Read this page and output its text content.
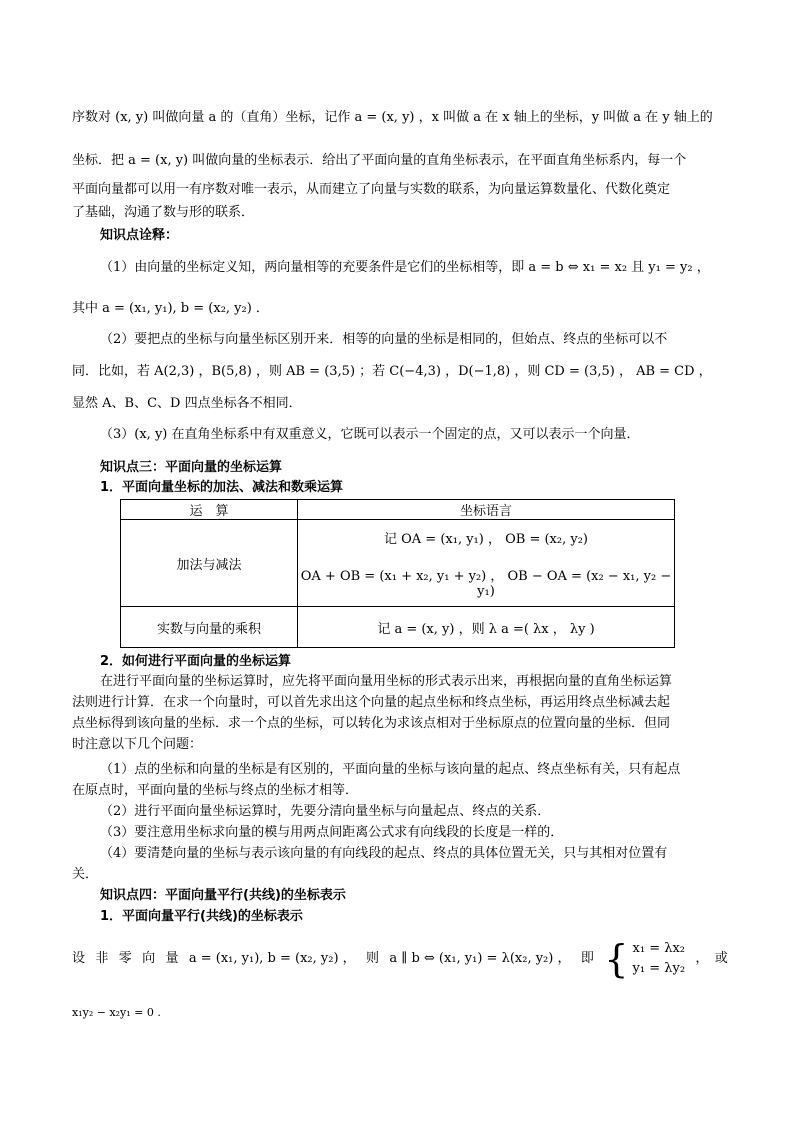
序数对 (x, y) 叫做向量 a 的（直角）坐标，记作 a = (x, y) ，x 叫做 a 在 x 轴上的坐标，y 叫做 a 在 y 轴上的
坐标．把 a = (x, y) 叫做向量的坐标表示．给出了平面向量的直角坐标表示，在平面直角坐标系内，每一个
平面向量都可以用一有序数对唯一表示，从而建立了向量与实数的联系，为向量运算数量化、代数化奠定
了基础，沟通了数与形的联系．
知识点诠释：
（1）由向量的坐标定义知，两向量相等的充要条件是它们的坐标相等，即 a = b ⇔ x₁ = x₂ 且 y₁ = y₂ ，
其中 a = (x₁, y₁), b = (x₂, y₂) ．
（2）要把点的坐标与向量坐标区别开来．相等的向量的坐标是相同的，但始点、终点的坐标可以不
同．比如，若 A(2,3) ，B(5,8) ，则 AB = (3,5) ；若 C(−4,3) ，D(−1,8) ，则 CD = (3,5) ， AB = CD ，
显然 A、B、C、D 四点坐标各不相同．
（3）(x, y) 在直角坐标系中有双重意义，它既可以表示一个固定的点，又可以表示一个向量．
知识点三：平面向量的坐标运算
1．平面向量坐标的加法、减法和数乘运算
运　算	坐标语言
加法与减法	记 OA = (x₁, y₁) ， OB = (x₂, y₂)
OA + OB = (x₁ + x₂, y₁ + y₂) ， OB − OA = (x₂ − x₁, y₂ − y₁)

实数与向量的乘积	记 a = (x, y) ，则 λ a =( λx ， λy )
2．如何进行平面向量的坐标运算
在进行平面向量的坐标运算时，应先将平面向量用坐标的形式表示出来，再根据向量的直角坐标运算
法则进行计算．在求一个向量时，可以首先求出这个向量的起点坐标和终点坐标，再运用终点坐标减去起
点坐标得到该向量的坐标．求一个点的坐标，可以转化为求该点相对于坐标原点的位置向量的坐标．但同
时注意以下几个问题：
（1）点的坐标和向量的坐标是有区别的，平面向量的坐标与该向量的起点、终点坐标有关，只有起点
在原点时，平面向量的坐标与终点的坐标才相等．
（2）进行平面向量坐标运算时，先要分清向量坐标与向量起点、终点的关系．
（3）要注意用坐标求向量的模与用两点间距离公式求有向线段的长度是一样的．
（4）要清楚向量的坐标与表示该向量的有向线段的起点、终点的具体位置无关，只与其相对位置有
关．
知识点四：平面向量平行(共线)的坐标表示
1．平面向量平行(共线)的坐标表示
设 非 零 向 量 a = (x₁, y₁), b = (x₂, y₂) ， 则 a ∥ b ⇔ (x₁, y₁) = λ(x₂, y₂) ， 即 { x₁ = λx₂
y₁ = λy₂
，　或
x₁y₂ − x₂y₁ = 0 .
